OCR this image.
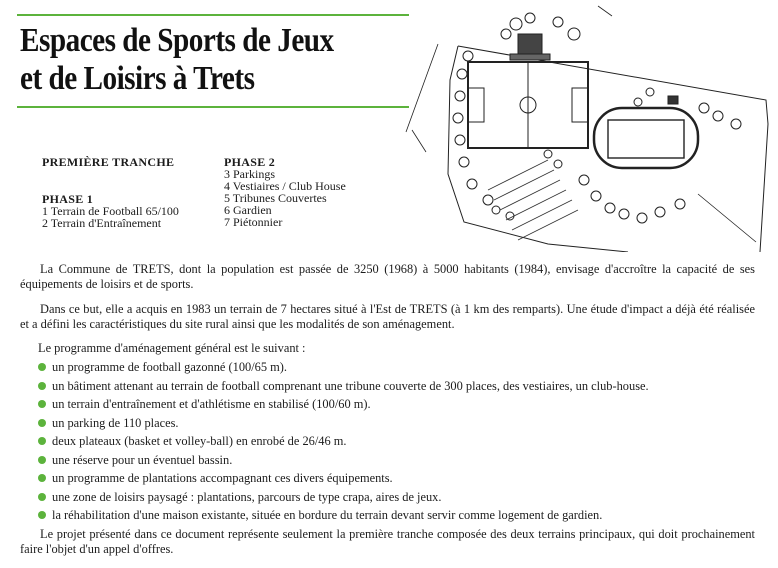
Espaces de Sports de Jeux
et de Loisirs à Trets
PREMIÈRE TRANCHE
PHASE 1
1 Terrain de Football 65/100
2 Terrain d'Entraînement
PHASE 2
3 Parkings
4 Vestiaires / Club House
5 Tribunes Couvertes
6 Gardien
7 Piétonnier

La Commune de TRETS, dont la population est passée de 3250 (1968) à 5000 habitants (1984), envisage d'accroître la capacité de ses équipements de loisirs et de sports.

Dans ce but, elle a acquis en 1983 un terrain de 7 hectares situé à l'Est de TRETS (à 1 km des remparts). Une étude d'impact a déjà été réalisée et a défini les caractéristiques du site rural ainsi que les modalités de son aménagement.

Le programme d'aménagement général est le suivant :

un programme de football gazonné (100/65 m).
un bâtiment attenant au terrain de football comprenant une tribune couverte de 300 places, des vestiaires, un club-house.
un terrain d'entraînement et d'athlétisme en stabilisé (100/60 m).
un parking de 110 places.
deux plateaux (basket et volley-ball) en enrobé de 26/46 m.
une réserve pour un éventuel bassin.
un programme de plantations accompagnant ces divers équipements.
une zone de loisirs paysagé : plantations, parcours de type crapa, aires de jeux.
la réhabilitation d'une maison existante, située en bordure du terrain devant servir comme logement de gardien.

Le projet présenté dans ce document représente seulement la première tranche composée des deux terrains principaux, qui doit prochainement faire l'objet d'un appel d'offres.
